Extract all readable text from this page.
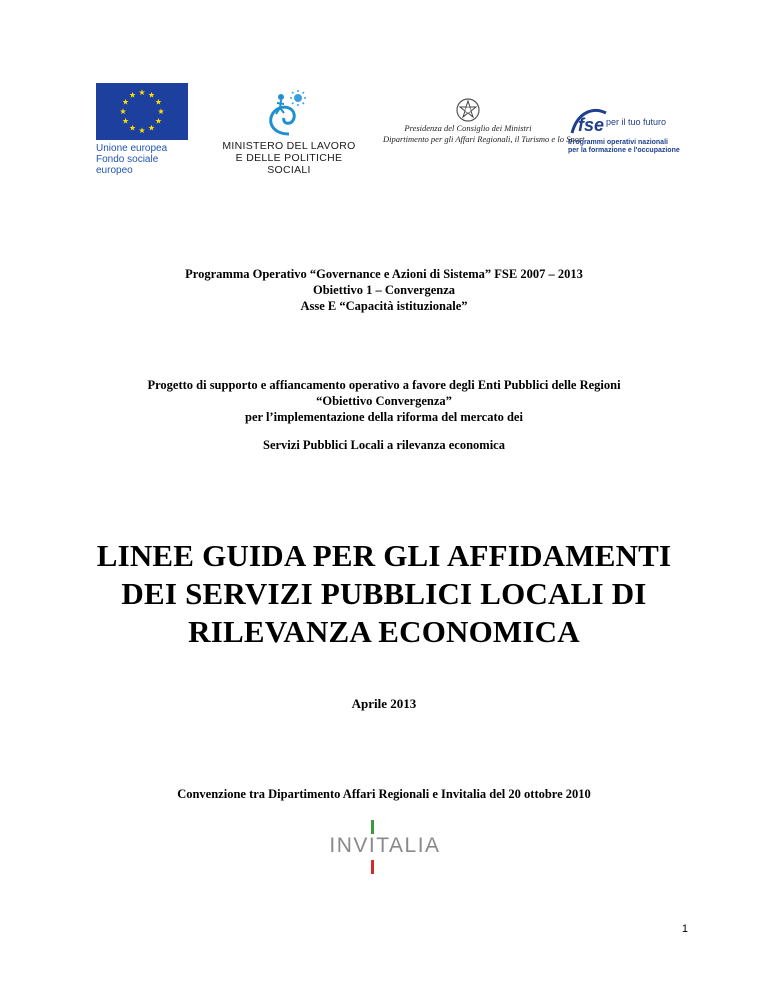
Unione europea
Fondo sociale europeo
MINISTERO DEL LAVORO
E DELLE POLITICHE SOCIALI
Presidenza del Consiglio dei Ministri
Dipartimento per gli Affari Regionali, il Turismo e lo Sport
fse per il tuo futuro
Programmi operativi nazionali
per la formazione e l'occupazione
Programma Operativo “Governance e Azioni di Sistema” FSE 2007 – 2013
Obiettivo 1 – Convergenza
Asse E “Capacità istituzionale”
Progetto di supporto e affiancamento operativo a favore degli Enti Pubblici delle Regioni
“Obiettivo Convergenza”
per l’implementazione della riforma del mercato dei
Servizi Pubblici Locali a rilevanza economica
LINEE GUIDA PER GLI AFFIDAMENTI
DEI SERVIZI PUBBLICI LOCALI DI
RILEVANZA ECONOMICA
Aprile 2013
Convenzione tra Dipartimento Affari Regionali e Invitalia del 20 ottobre 2010
INVITALIA
1
